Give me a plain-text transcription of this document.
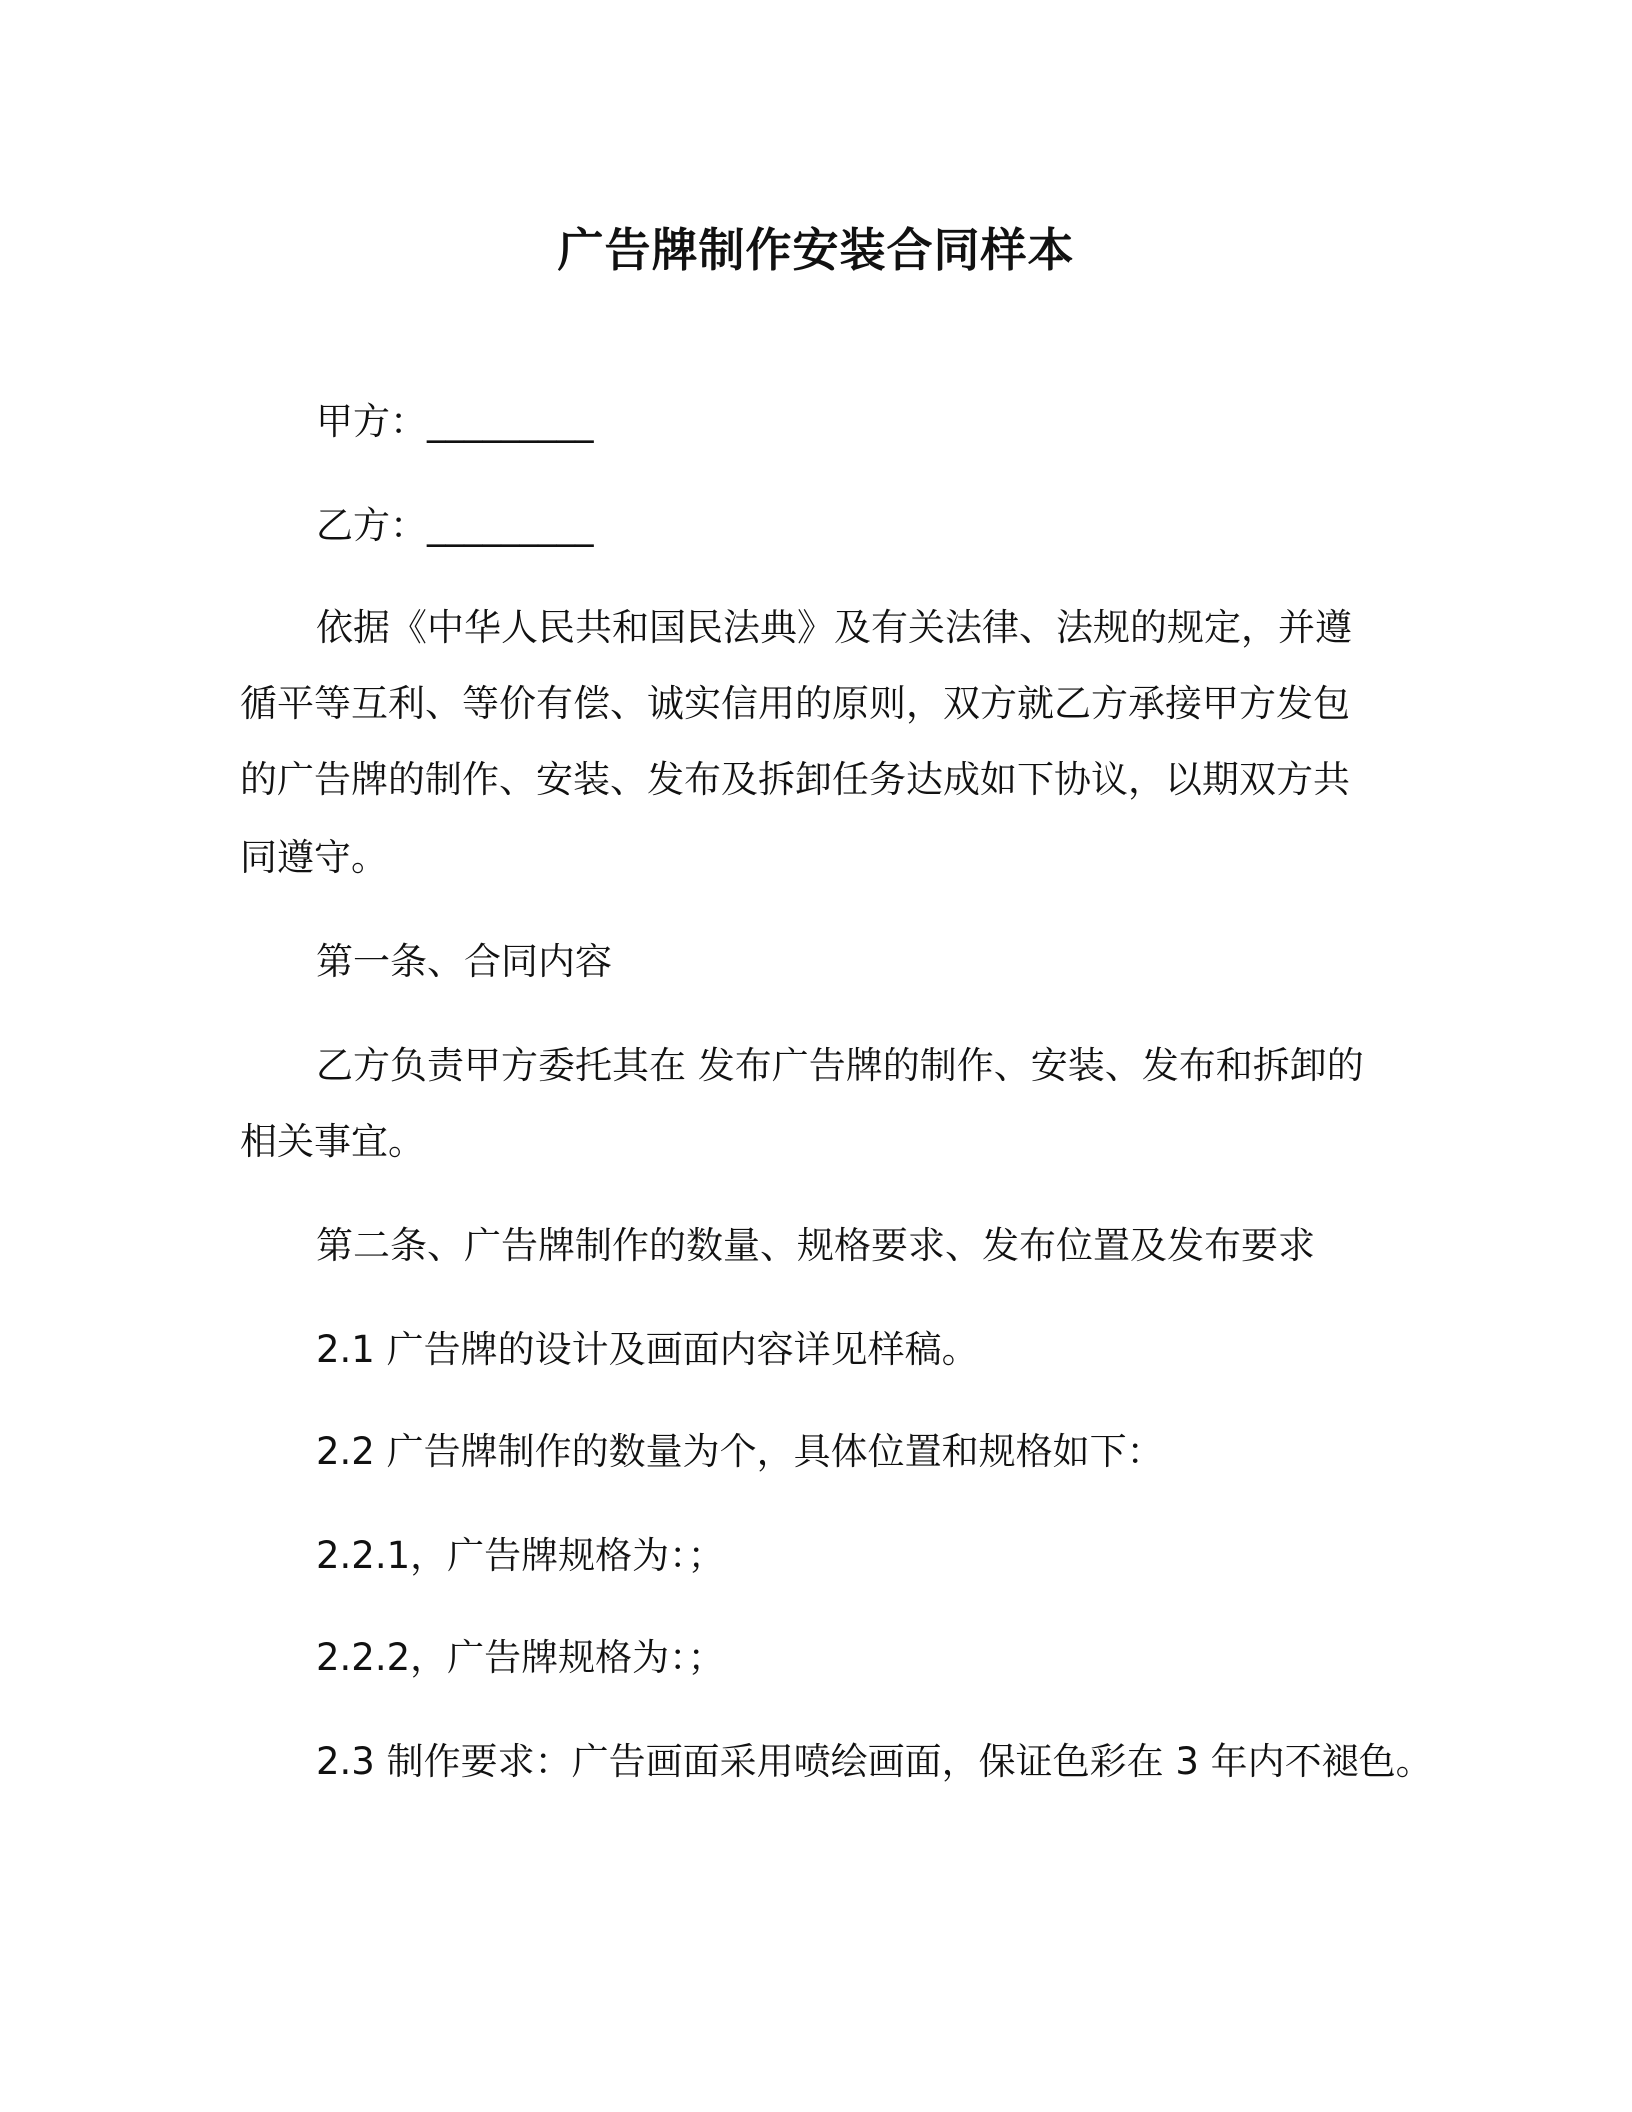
广告牌制作安装合同样本
甲方：_________
乙方：_________
依据《中华人民共和国民法典》及有关法律、法规的规定，并遵
循平等互利、等价有偿、诚实信用的原则，双方就乙方承接甲方发包
的广告牌的制作、安装、发布及拆卸任务达成如下协议，以期双方共
同遵守。
第一条、合同内容
乙方负责甲方委托其在 发布广告牌的制作、安装、发布和拆卸的
相关事宜。
第二条、广告牌制作的数量、规格要求、发布位置及发布要求
2.1 广告牌的设计及画面内容详见样稿。
2.2 广告牌制作的数量为个，具体位置和规格如下：
2.2.1，广告牌规格为：；
2.2.2，广告牌规格为：；
2.3 制作要求：广告画面采用喷绘画面，保证色彩在 3 年内不褪色。
